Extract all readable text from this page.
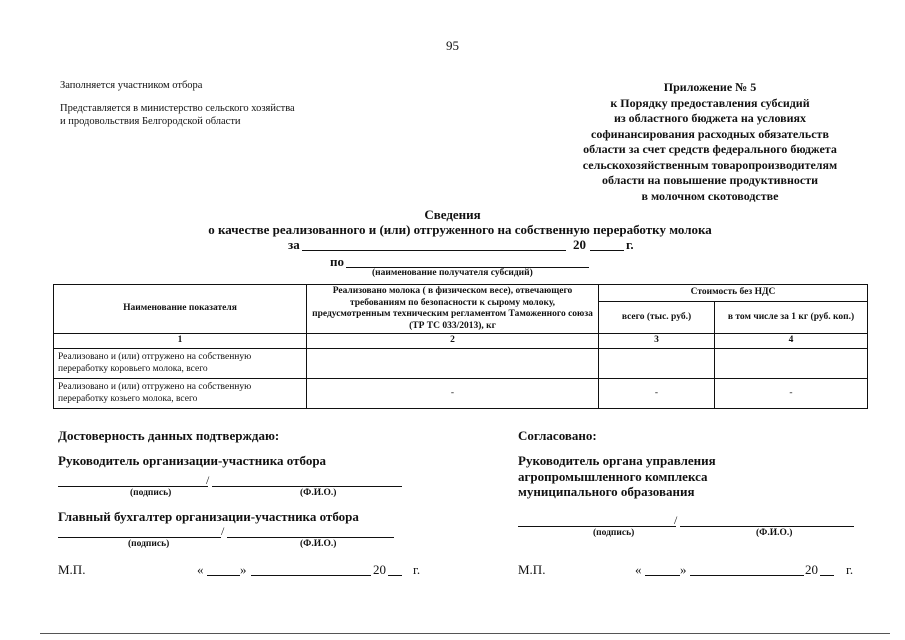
95
Заполняется участником отбора
Представляется в министерство сельского хозяйства
и продовольствия Белгородской области
Приложение № 5
к Порядку предоставления субсидий
из областного бюджета на условиях
софинансирования расходных обязательств
области за счет средств федерального бюджета
сельскохозяйственным товаропроизводителям
области на повышение продуктивности
в молочном скотоводстве
Сведения
о качестве реализованного и (или) отгруженного на собственную переработку молока
за	20	г.
по
(наименование получателя субсидий)
Наименование показателя	Реализовано молока ( в физическом весе), отвечающего требованиям по безопасности к сырому молоку, предусмотренным техническим регламентом Таможенного союза (ТР ТС 033/2013), кг	Стоимость без НДС	
		всего (тыс. руб.)	в том числе за 1 кг (руб. коп.)
1	2	3	4
Реализовано и (или) отгружено на собственную переработку коровьего молока, всего			
Реализовано и (или) отгружено на собственную переработку козьего молока, всего	-	-	-
Достоверность данных подтверждаю:
Руководитель организации-участника отбора
/
(подпись)	(Ф.И.О.)
Главный бухгалтер организации-участника отбора
/
(подпись)	(Ф.И.О.)
М.П.	«	»	20 г.
Согласовано:
Руководитель органа управления
агропромышленного комплекса
муниципального образования
/
(подпись)	(Ф.И.О.)
М.П.	«	»	20 г.
